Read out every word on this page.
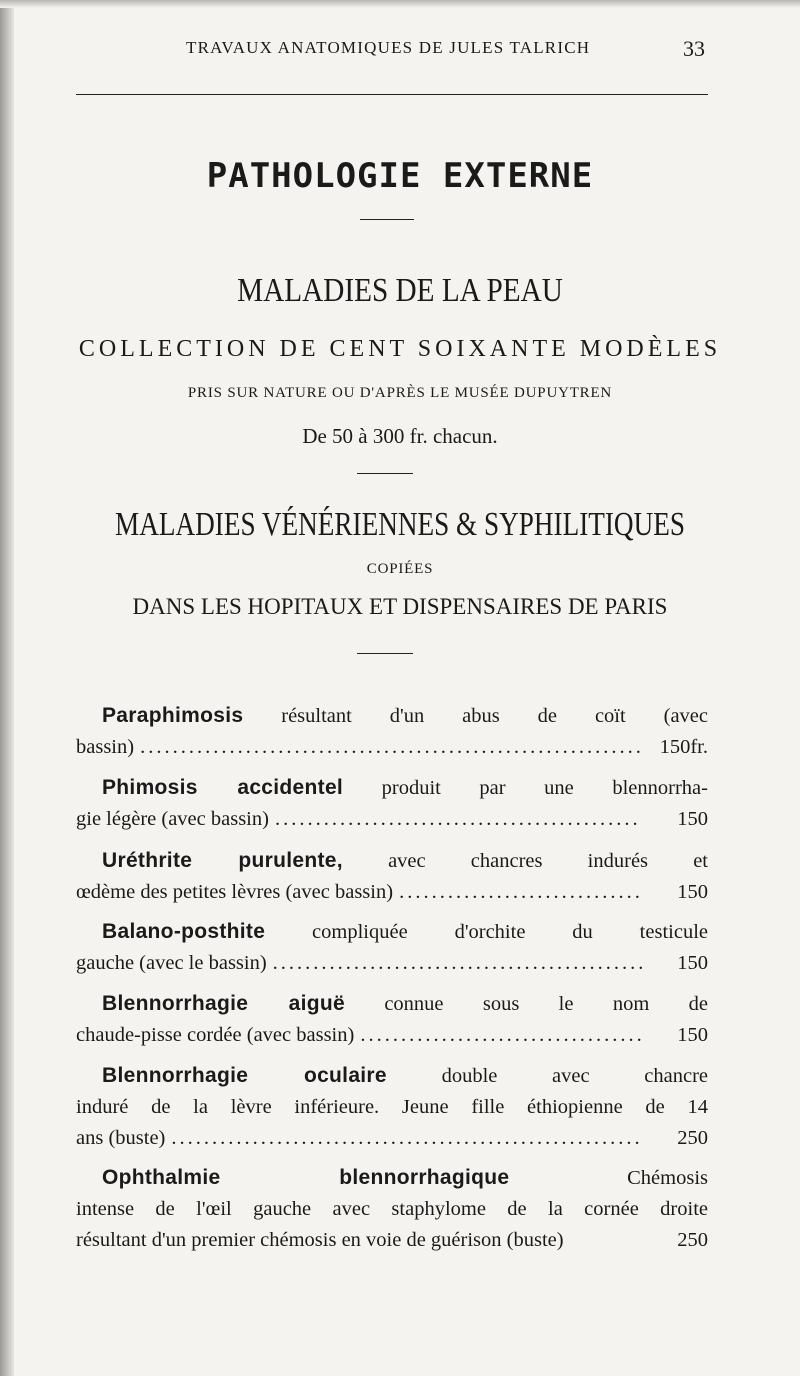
TRAVAUX ANATOMIQUES DE JULES TALRICH	33
PATHOLOGIE EXTERNE
MALADIES DE LA PEAU
COLLECTION DE CENT SOIXANTE MODÈLES
PRIS SUR NATURE OU D'APRÈS LE MUSÉE DUPUYTREN
De 50 à 300 fr. chacun.
MALADIES VÉNÉRIENNES & SYPHILITIQUES
COPIÉES
DANS LES HOPITAUX ET DISPENSAIRES DE PARIS
Paraphimosis résultant d'un abus de coït (avec
bassin) .....	150fr.
Phimosis accidentel produit par une blennorrha-
gie légère (avec bassin) .....	150
Uréthrite purulente, avec chancres indurés et
œdème des petites lèvres (avec bassin) .....	150
Balano-posthite compliquée d'orchite du testicule
gauche (avec le bassin) .....	150
Blennorrhagie aiguë connue sous le nom de
chaude-pisse cordée (avec bassin) .....	150
Blennorrhagie oculaire double avec chancre
induré de la lèvre inférieure. Jeune fille éthiopienne de 14
ans (buste) .....	250
Ophthalmie blennorrhagique Chémosis
intense de l'œil gauche avec staphylome de la cornée droite
résultant d'un premier chémosis en voie de guérison (buste)	250
